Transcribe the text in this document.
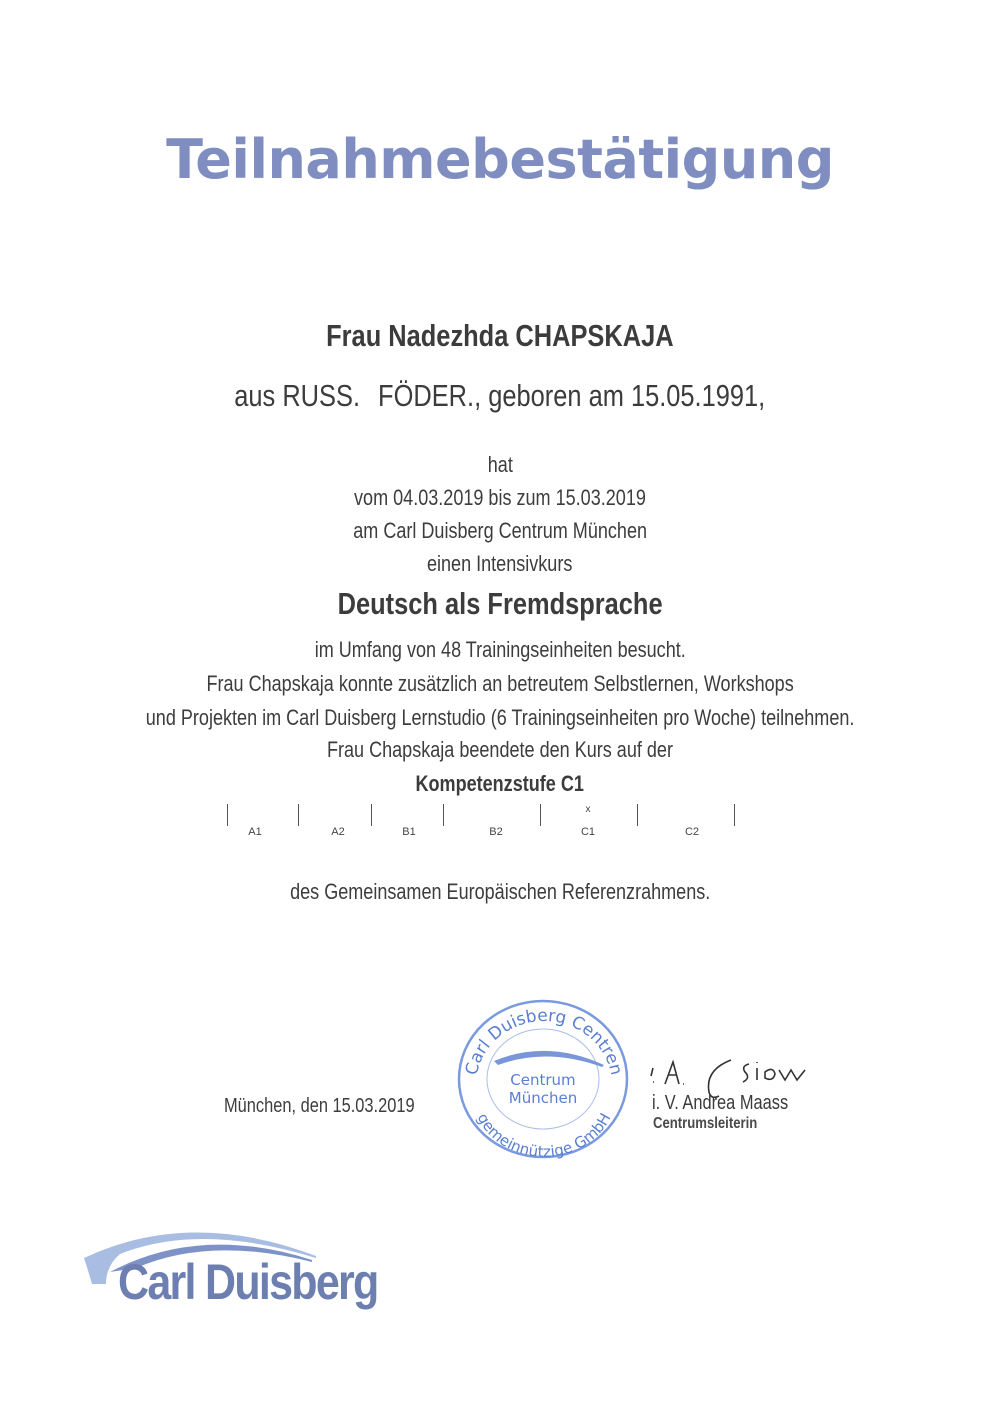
Teilnahmebestätigung
Frau Nadezhda CHAPSKAJA
aus RUSS. FÖDER., geboren am 15.05.1991,
hat
vom 04.03.2019 bis zum 15.03.2019
am Carl Duisberg Centrum München
einen Intensivkurs
Deutsch als Fremdsprache
im Umfang von 48 Trainingseinheiten besucht.
Frau Chapskaja konnte zusätzlich an betreutem Selbstlernen, Workshops
und Projekten im Carl Duisberg Lernstudio (6 Trainingseinheiten pro Woche) teilnehmen.
Frau Chapskaja beendete den Kurs auf der
Kompetenzstufe C1
A1	A2	B1	B2	C1	C2
x
des Gemeinsamen Europäischen Referenzrahmens.
München, den 15.03.2019
Carl Duisberg Centren
gemeinnützige GmbH
Centrum
München	i. V. Andrea Maass
Centrumsleiterin
Carl Duisberg
